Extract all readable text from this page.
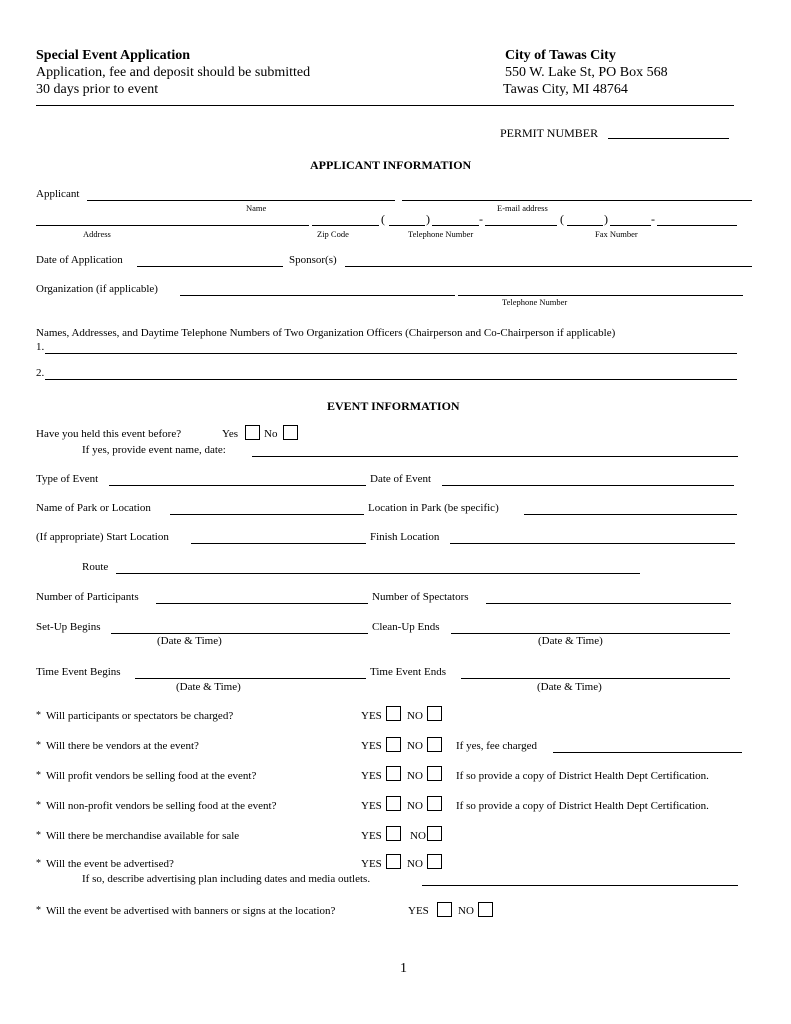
Special Event Application
Application, fee and deposit should be submitted
30 days prior to event
City of Tawas City
550 W. Lake St, PO Box 568
Tawas City, MI 48764
PERMIT NUMBER
APPLICANT INFORMATION
Applicant
Name	E-mail address
(	)	-	(	)	-
Address	Zip Code	Telephone Number	Fax Number
Date of Application	Sponsor(s)
Organization (if applicable)
Telephone Number
Names, Addresses, and Daytime Telephone Numbers of Two Organization Officers (Chairperson and Co-Chairperson if applicable)
1.
2.
EVENT INFORMATION
Have you held this event before?	Yes No
If yes, provide event name, date:
Type of Event	Date of Event
Name of Park or Location	Location in Park (be specific)
(If appropriate) Start Location	Finish Location
Route
Number of Participants	Number of Spectators
Set-Up Begins	Clean-Up Ends
(Date & Time)	(Date & Time)
Time Event Begins	Time Event Ends
(Date & Time)	(Date & Time)
* Will participants or spectators be charged?	YES NO
* Will there be vendors at the event?	YES NO	If yes, fee charged
* Will profit vendors be selling food at the event?	YES NO	If so provide a copy of District Health Dept Certification.
* Will non-profit vendors be selling food at the event?	YES NO	If so provide a copy of District Health Dept Certification.
* Will there be merchandise available for sale	YES	NO
* Will the event be advertised?	YES NO
If so, describe advertising plan including dates and media outlets.
* Will the event be advertised with banners or signs at the location?	YES	NO
1
